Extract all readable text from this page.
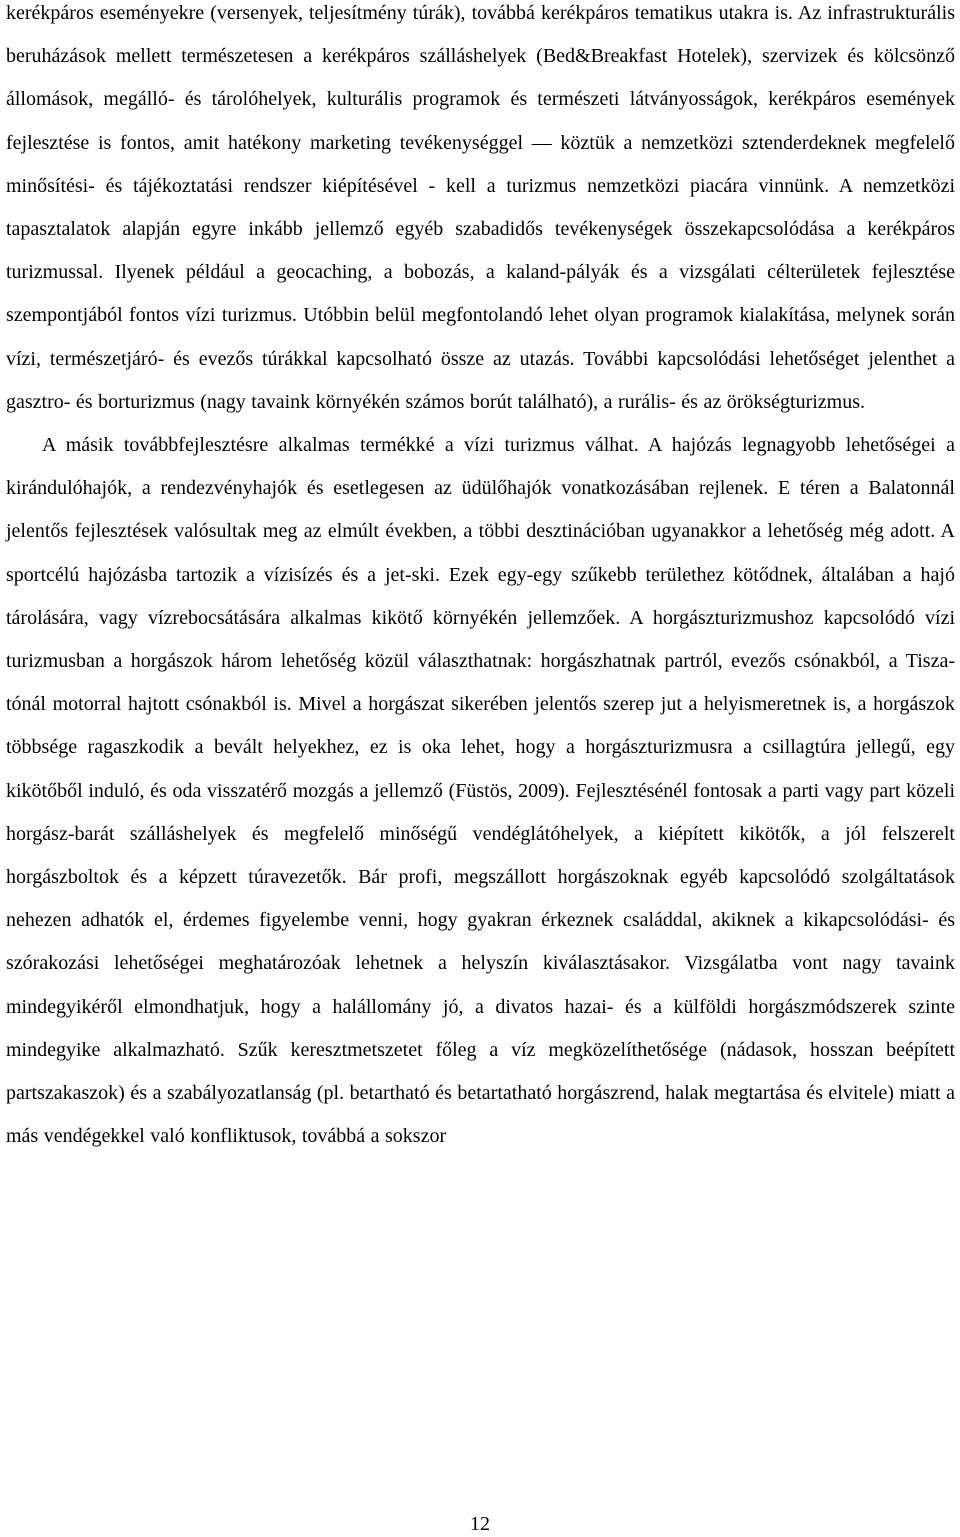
kerékpáros eseményekre (versenyek, teljesítmény túrák), továbbá kerékpáros tematikus utakra is. Az infrastrukturális beruházások mellett természetesen a kerékpáros szálláshelyek (Bed&Breakfast Hotelek), szervizek és kölcsönző állomások, megálló- és tárolóhelyek, kulturális programok és természeti látványosságok, kerékpáros események fejlesztése is fontos, amit hatékony marketing tevékenységgel ― köztük a nemzetközi sztenderdeknek megfelelő minősítési- és tájékoztatási rendszer kiépítésével - kell a turizmus nemzetközi piacára vinnünk. A nemzetközi tapasztalatok alapján egyre inkább jellemző egyéb szabadidős tevékenységek összekapcsolódása a kerékpáros turizmussal. Ilyenek például a geocaching, a bobozás, a kaland-pályák és a vizsgálati célterületek fejlesztése szempontjából fontos vízi turizmus. Utóbbin belül megfontolandó lehet olyan programok kialakítása, melynek során vízi, természetjáró- és evezős túrákkal kapcsolható össze az utazás. További kapcsolódási lehetőséget jelenthet a gasztro- és borturizmus (nagy tavaink környékén számos borút található), a rurális- és az örökségturizmus.

A másik továbbfejlesztésre alkalmas termékké a vízi turizmus válhat. A hajózás legnagyobb lehetőségei a kirándulóhajók, a rendezvényhajók és esetlegesen az üdülőhajók vonatkozásában rejlenek. E téren a Balatonnál jelentős fejlesztések valósultak meg az elmúlt években, a többi desztinációban ugyanakkor a lehetőség még adott. A sportcélú hajózásba tartozik a vízisízés és a jet-ski. Ezek egy-egy szűkebb területhez kötődnek, általában a hajó tárolására, vagy vízrebocsátására alkalmas kikötő környékén jellemzőek. A horgászturizmushoz kapcsolódó vízi turizmusban a horgászok három lehetőség közül választhatnak: horgászhatnak partról, evezős csónakból, a Tisza-tónál motorral hajtott csónakból is. Mivel a horgászat sikerében jelentős szerep jut a helyismeretnek is, a horgászok többsége ragaszkodik a bevált helyekhez, ez is oka lehet, hogy a horgászturizmusra a csillagtúra jellegű, egy kikötőből induló, és oda visszatérő mozgás a jellemző (Füstös, 2009). Fejlesztésénél fontosak a parti vagy part közeli horgász-barát szálláshelyek és megfelelő minőségű vendéglátóhelyek, a kiépített kikötők, a jól felszerelt horgászboltok és a képzett túravezetők. Bár profi, megszállott horgászoknak egyéb kapcsolódó szolgáltatások nehezen adhatók el, érdemes figyelembe venni, hogy gyakran érkeznek családdal, akiknek a kikapcsolódási- és szórakozási lehetőségei meghatározóak lehetnek a helyszín kiválasztásakor. Vizsgálatba vont nagy tavaink mindegyikéről elmondhatjuk, hogy a halállomány jó, a divatos hazai- és a külföldi horgászmódszerek szinte mindegyike alkalmazható. Szűk keresztmetszetet főleg a víz megközelíthetősége (nádasok, hosszan beépített partszakaszok) és a szabályozatlanság (pl. betartható és betartatható horgászrend, halak megtartása és elvitele) miatt a más vendégekkel való konfliktusok, továbbá a sokszor

12
